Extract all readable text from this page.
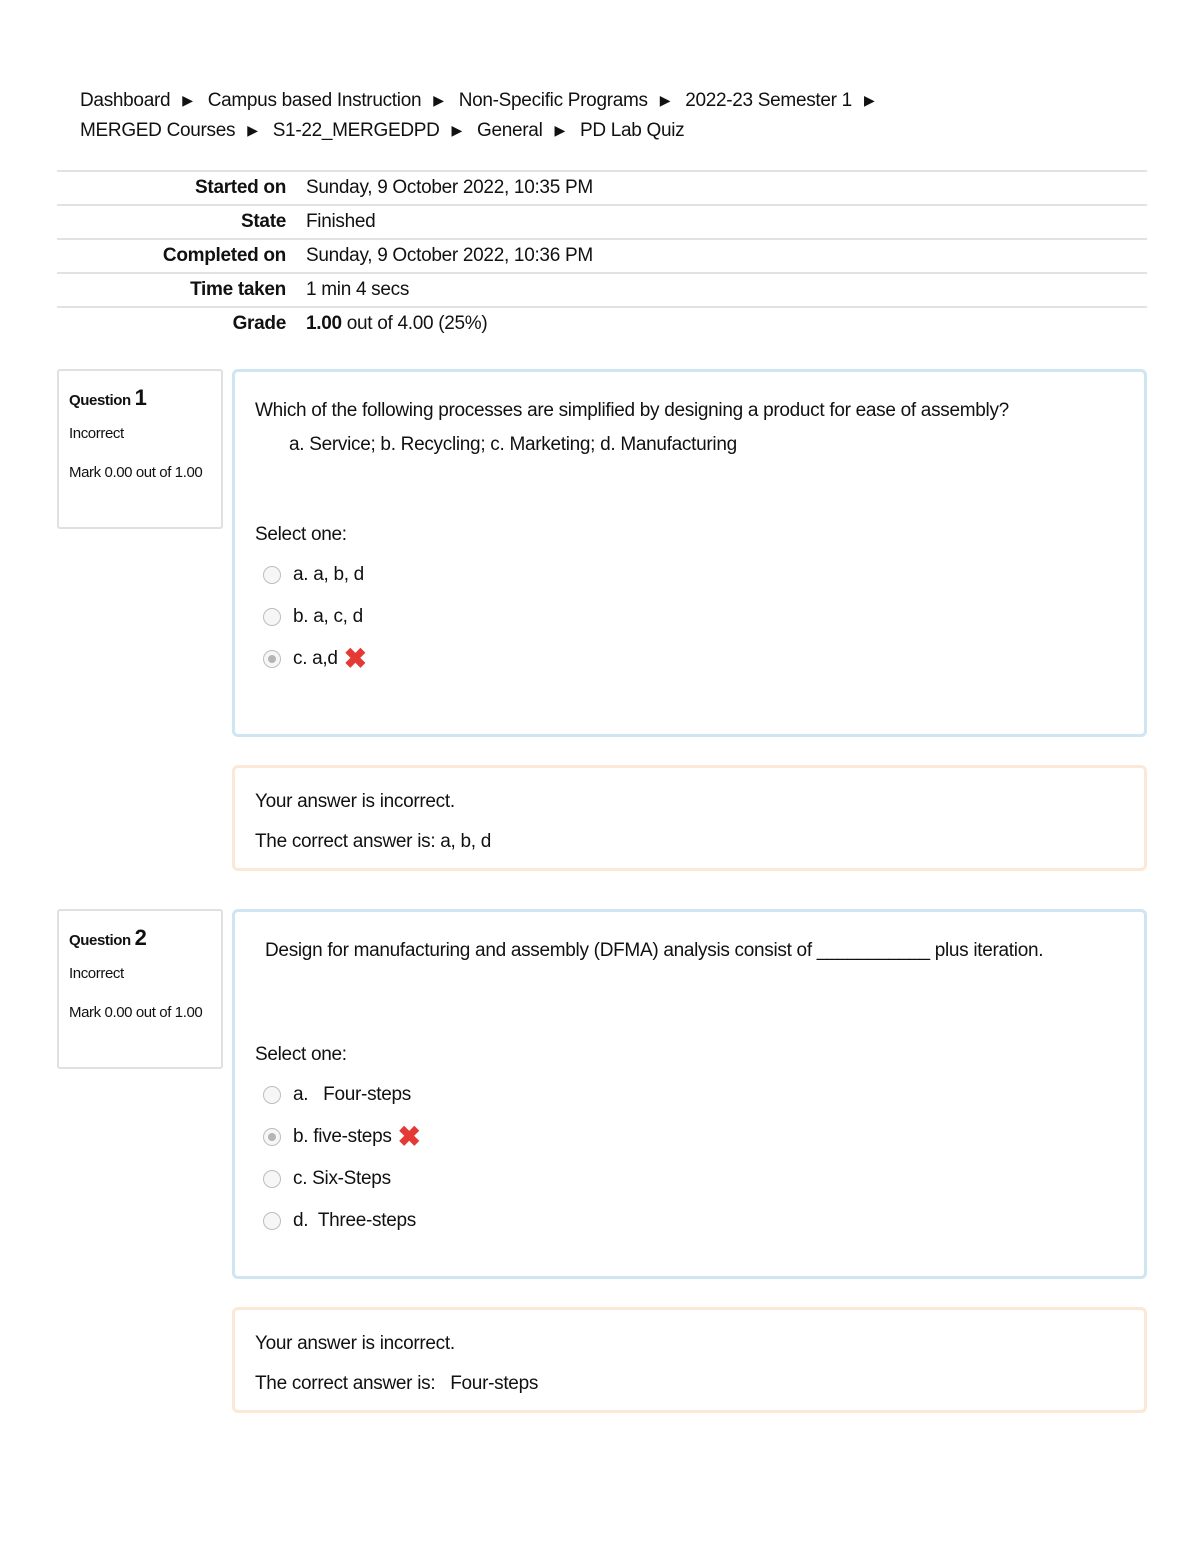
Dashboard ▶ Campus based Instruction ▶ Non-Specific Programs ▶ 2022-23 Semester 1 ▶
MERGED Courses ▶ S1-22_MERGEDPD ▶ General ▶ PD Lab Quiz
Started on	Sunday, 9 October 2022, 10:35 PM
State	Finished
Completed on	Sunday, 9 October 2022, 10:36 PM
Time taken	1 min 4 secs
Grade	1.00 out of 4.00 (25%)
Question 1
Incorrect
Mark 0.00 out of 1.00
Which of the following processes are simplified by designing a product for ease of assembly?
a. Service; b. Recycling; c. Marketing; d. Manufacturing
Select one:
a. a, b, d
b. a, c, d
c. a,d ✖
Your answer is incorrect.
The correct answer is: a, b, d
Question 2
Incorrect
Mark 0.00 out of 1.00
Design for manufacturing and assembly (DFMA) analysis consist of ___________ plus iteration.
Select one:
a.   Four-steps
b. five-steps ✖
c. Six-Steps
d.  Three-steps
Your answer is incorrect.
The correct answer is:   Four-steps
